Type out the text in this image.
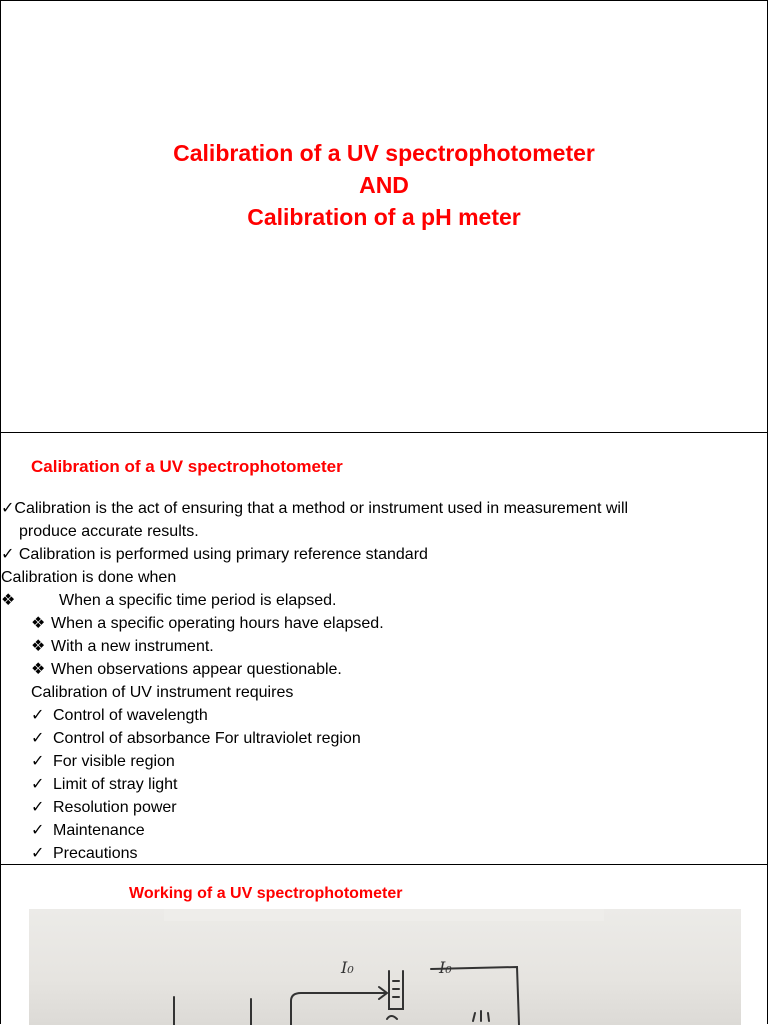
Calibration of a UV spectrophotometer
AND
Calibration of a pH meter
Calibration of a UV spectrophotometer
✓Calibration is the act of ensuring that a method or instrument used in measurement will
produce accurate results.
✓ Calibration is performed using primary reference standard
Calibration is done when
❖	When a specific time period is elapsed.
❖ When a specific operating hours have elapsed.
❖ With a new instrument.
❖ When observations appear questionable.
Calibration of UV instrument requires
✓ Control of wavelength
✓ Control of absorbance For ultraviolet region
✓ For visible region
✓ Limit of stray light
✓ Resolution power
✓ Maintenance
✓ Precautions
Working of a UV spectrophotometer
I₀	I₀
